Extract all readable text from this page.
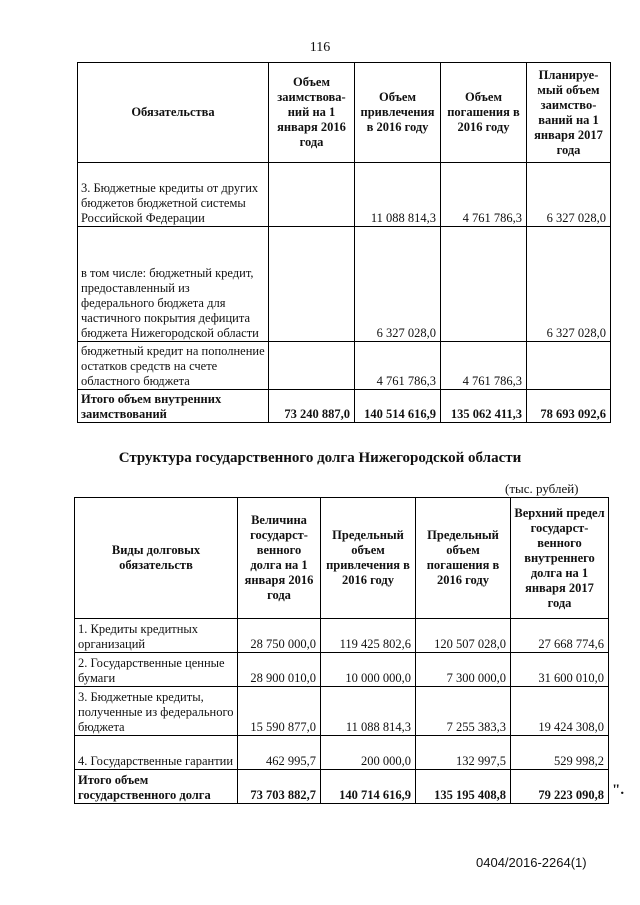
116
Обязательства	Объем заимствова-ний на 1 января 2016 года	Объем привлечения в 2016 году	Объем погашения в 2016 году	Планируе-мый объем заимство-ваний на 1 января 2017 года
3. Бюджетные кредиты от других бюджетов бюджетной системы Российской Федерации		11 088 814,3	4 761 786,3	6 327 028,0
в том числе: бюджетный кредит, предоставленный из федерального бюджета для частичного покрытия дефицита бюджета Нижегородской области		6 327 028,0		6 327 028,0
бюджетный кредит на пополнение остатков средств на счете областного бюджета		4 761 786,3	4 761 786,3	
Итого объем внутренних заимствований	73 240 887,0	140 514 616,9	135 062 411,3	78 693 092,6
Структура государственного долга Нижегородской области
(тыс. рублей)
Виды долговых обязательств	Величина государст-венного долга на 1 января 2016 года	Предельный объем привлечения в 2016 году	Предельный объем погашения в 2016 году	Верхний предел государст-венного внутреннего долга на 1 января 2017 года
1. Кредиты кредитных организаций	28 750 000,0	119 425 802,6	120 507 028,0	27 668 774,6
2. Государственные ценные бумаги	28 900 010,0	10 000 000,0	7 300 000,0	31 600 010,0
3. Бюджетные кредиты, полученные из федерального бюджета	15 590 877,0	11 088 814,3	7 255 383,3	19 424 308,0
4. Государственные гарантии	462 995,7	200 000,0	132 997,5	529 998,2
Итого объем государственного долга	73 703 882,7	140 714 616,9	135 195 408,8	79 223 090,8 ".
0404/2016-2264(1)
